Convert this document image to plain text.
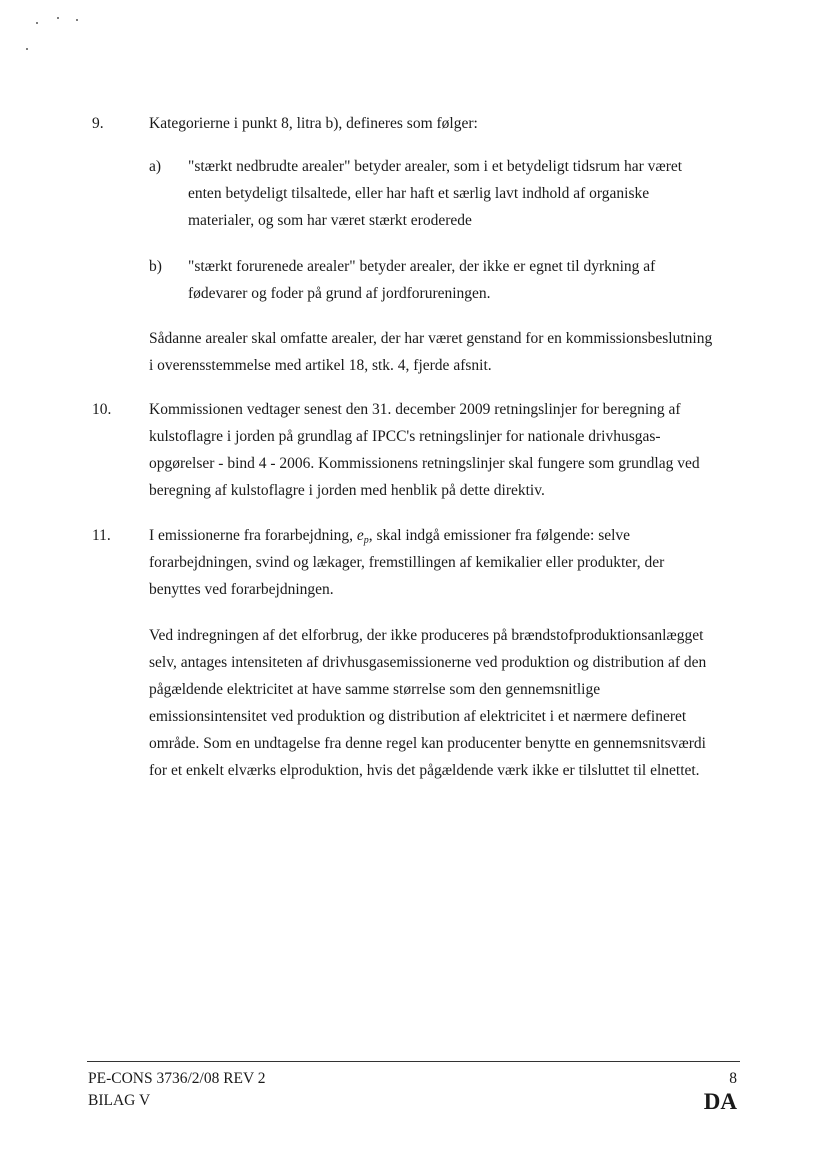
9.	Kategorierne i punkt 8, litra b), defineres som følger:
a) "stærkt nedbrudte arealer" betyder arealer, som i et betydeligt tidsrum har været
enten betydeligt tilsaltede, eller har haft et særlig lavt indhold af organiske
materialer, og som har været stærkt eroderede
b) "stærkt forurenede arealer" betyder arealer, der ikke er egnet til dyrkning af
fødevarer og foder på grund af jordforureningen.
Sådanne arealer skal omfatte arealer, der har været genstand for en kommissionsbeslutning
i overensstemmelse med artikel 18, stk. 4, fjerde afsnit.
10. Kommissionen vedtager senest den 31. december 2009 retningslinjer for beregning af
kulstoflagre i jorden på grundlag af IPCC's retningslinjer for nationale drivhusgas-
opgørelser - bind 4 - 2006. Kommissionens retningslinjer skal fungere som grundlag ved
beregning af kulstoflagre i jorden med henblik på dette direktiv.
11. I emissionerne fra forarbejdning, $e_p$, skal indgå emissioner fra følgende: selve
forarbejdningen, svind og lækager, fremstillingen af kemikalier eller produkter, der
benyttes ved forarbejdningen.
Ved indregningen af det elforbrug, der ikke produceres på brændstofproduktionsanlægget
selv, antages intensiteten af drivhusgasemissionerne ved produktion og distribution af den
pågældende elektricitet at have samme størrelse som den gennemsnitlige
emissionsintensitet ved produktion og distribution af elektricitet i et nærmere defineret
område. Som en undtagelse fra denne regel kan producenter benytte en gennemsnitsværdi
for et enkelt elværks elproduktion, hvis det pågældende værk ikke er tilsluttet til elnettet.
PE-CONS 3736/2/08 REV 2
BILAG V
8
DA
